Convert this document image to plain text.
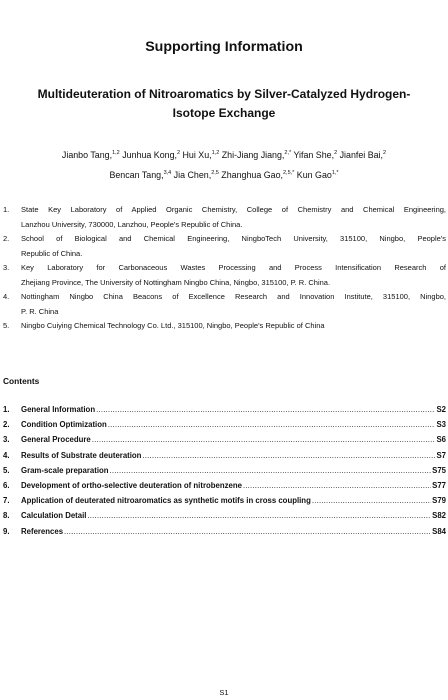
Supporting Information
Multideuteration of Nitroaromatics by Silver-Catalyzed Hydrogen-
Isotope Exchange
Jianbo Tang,$^{1,2}$ Junhua Kong,$^2$ Hui Xu,$^{1,2}$ Zhi-Jiang Jiang,$^{2,*}$ Yifan She,$^2$ Jianfei Bai,$^2$
Bencan Tang,$^{3,4}$ Jia Chen,$^{2,5}$ Zhanghua Gao,$^{2,5,*}$ Kun Gao$^{1,*}$
1. State Key Laboratory of Applied Organic Chemistry, College of Chemistry and Chemical Engineering,
Lanzhou University, 730000, Lanzhou, People's Republic of China.
2. School of Biological and Chemical Engineering, NingboTech University, 315100, Ningbo, People's
Republic of China.
3. Key Laboratory for Carbonaceous Wastes Processing and Process Intensification Research of
Zhejiang Province, The University of Nottingham Ningbo China, Ningbo, 315100, P. R. China.
4. Nottingham Ningbo China Beacons of Excellence Research and Innovation Institute, 315100, Ningbo,
P. R. China
5. Ningbo Cuiying Chemical Technology Co. Ltd., 315100, Ningbo, People's Republic of China
Contents
1.	General Information .....	S2
2.	Condition Optimization .....	S3
3.	General Procedure .....	S6
4.	Results of Substrate deuteration .....	S7
5.	Gram-scale preparation .....	S75
6.	Development of ortho-selective deuteration of nitrobenzene .....	S77
7.	Application of deuterated nitroaromatics as synthetic motifs in cross coupling .....	S79
8.	Calculation Detail .....	S82
9.	References .....	S84
S1
